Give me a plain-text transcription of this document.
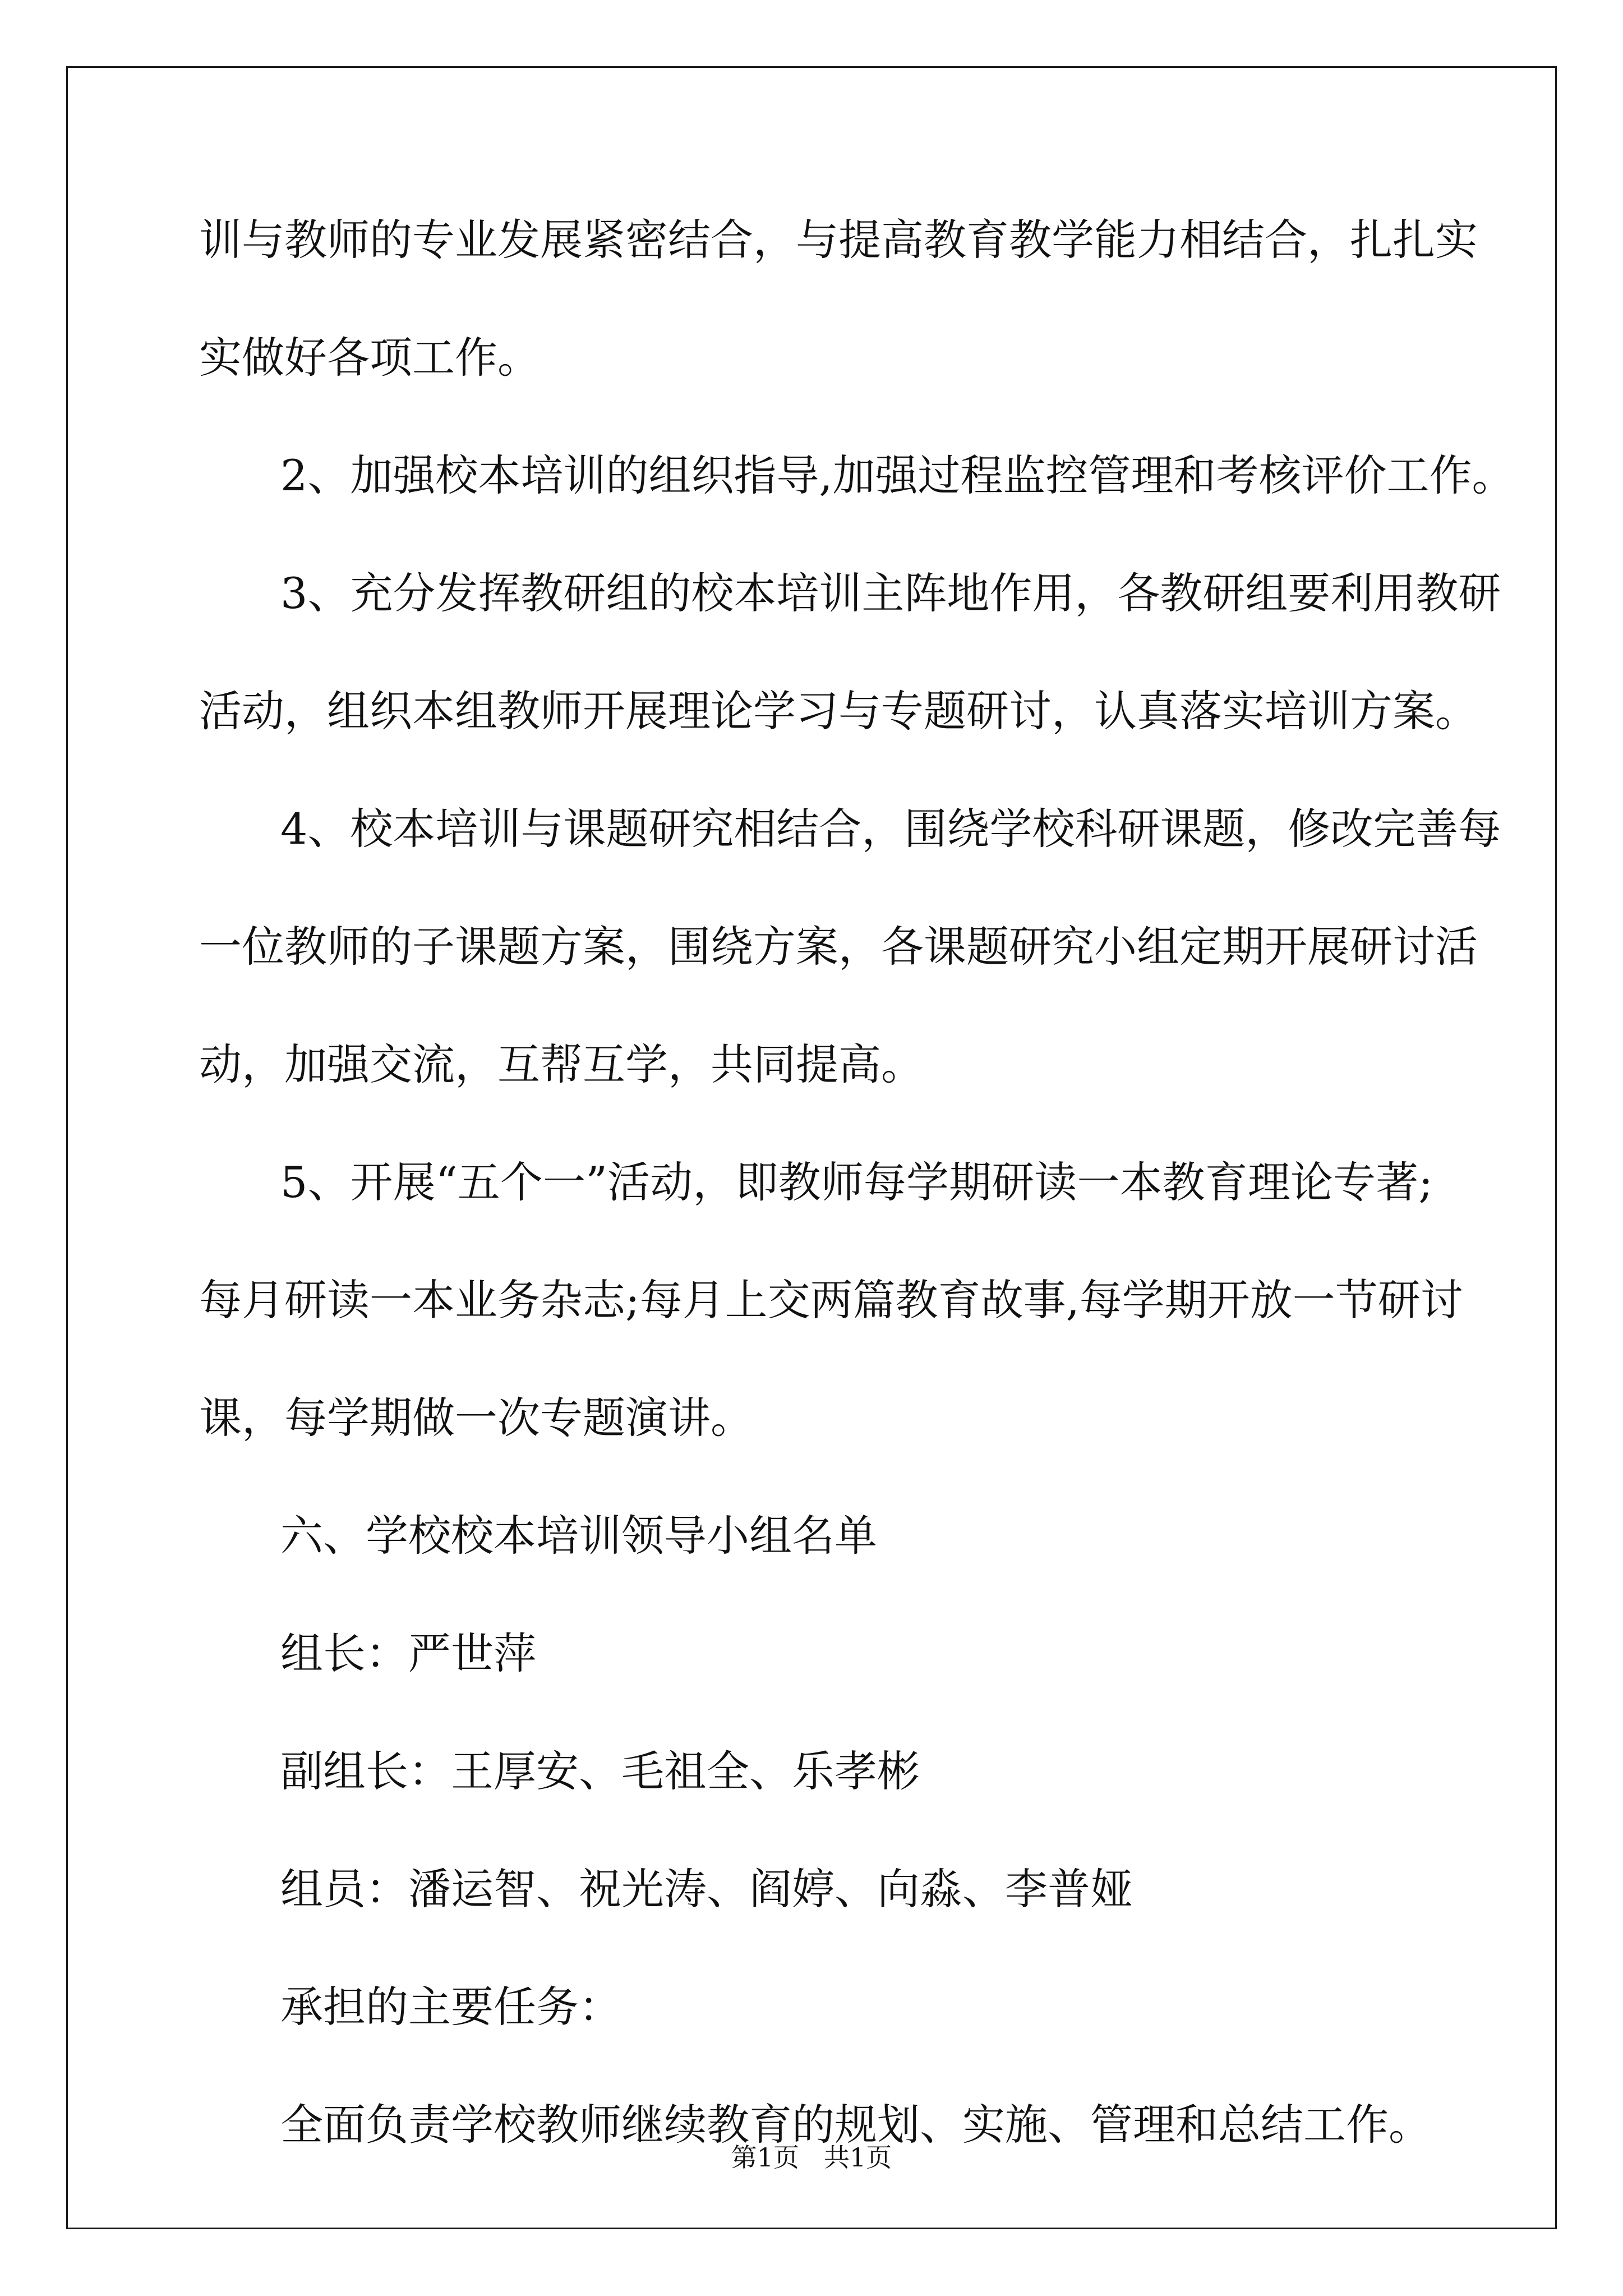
训与教师的专业发展紧密结合，与提高教育教学能力相结合，扎扎实
实做好各项工作。
2、加强校本培训的组织指导,加强过程监控管理和考核评价工作。
3、充分发挥教研组的校本培训主阵地作用，各教研组要利用教研
活动，组织本组教师开展理论学习与专题研讨，认真落实培训方案。
4、校本培训与课题研究相结合，围绕学校科研课题，修改完善每
一位教师的子课题方案，围绕方案，各课题研究小组定期开展研讨活
动，加强交流，互帮互学，共同提高。
5、开展“五个一”活动，即教师每学期研读一本教育理论专著;
每月研读一本业务杂志;每月上交两篇教育故事,每学期开放一节研讨
课，每学期做一次专题演讲。
六、学校校本培训领导小组名单
组长：严世萍
副组长：王厚安、毛祖全、乐孝彬
组员：潘运智、祝光涛、阎婷、向淼、李普娅
承担的主要任务：
全面负责学校教师继续教育的规划、实施、管理和总结工作。
第1页 共1页
